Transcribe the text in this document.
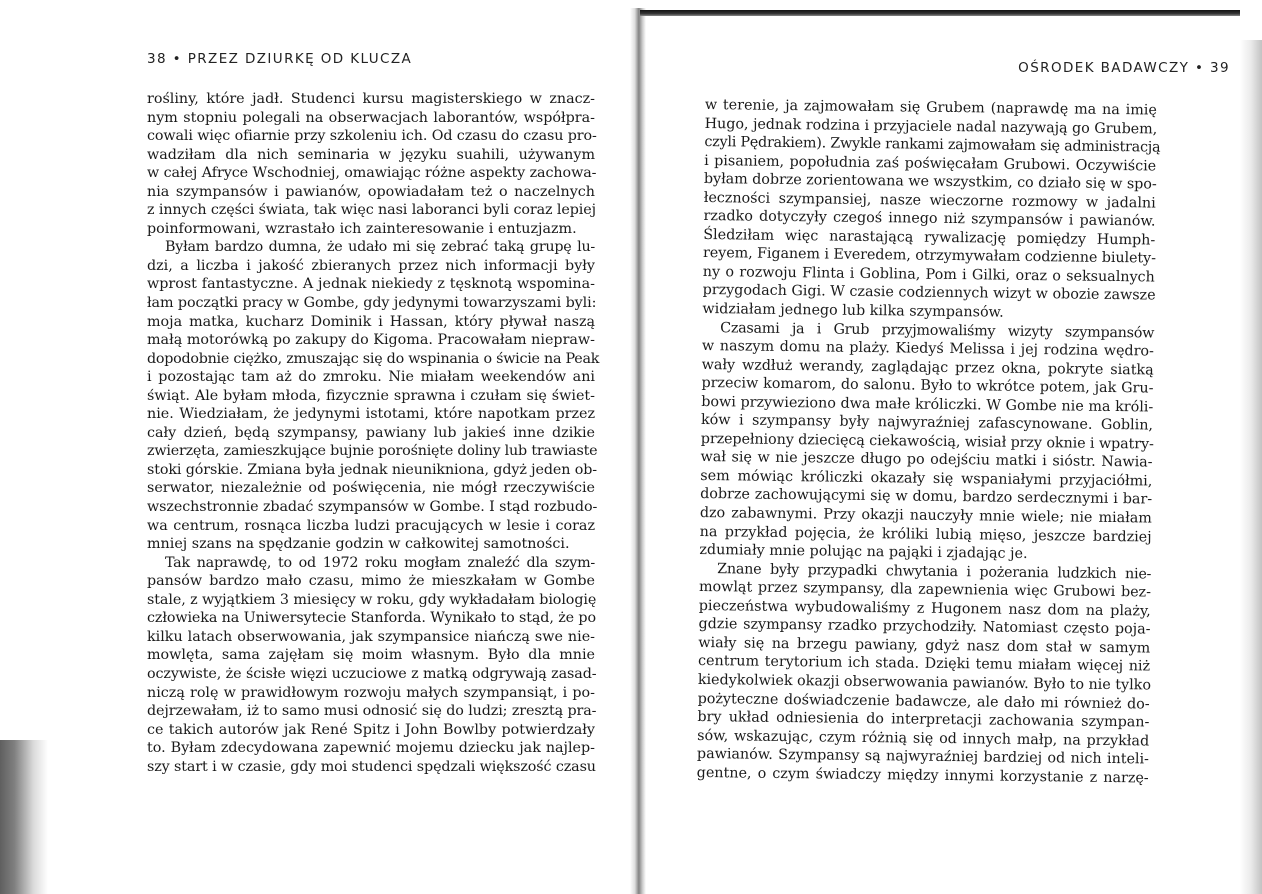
38 • PRZEZ DZIURKĘ OD KLUCZA
rośliny, które jadł. Studenci kursu magisterskiego w znacz-
nym stopniu polegali na obserwacjach laborantów, współpra-
cowali więc ofiarnie przy szkoleniu ich. Od czasu do czasu pro-
wadziłam dla nich seminaria w języku suahili, używanym
w całej Afryce Wschodniej, omawiając różne aspekty zachowa-
nia szympansów i pawianów, opowiadałam też o naczelnych
z innych części świata, tak więc nasi laboranci byli coraz lepiej
poinformowani, wzrastało ich zainteresowanie i entuzjazm.
Byłam bardzo dumna, że udało mi się zebrać taką grupę lu-
dzi, a liczba i jakość zbieranych przez nich informacji były
wprost fantastyczne. A jednak niekiedy z tęsknotą wspomina-
łam początki pracy w Gombe, gdy jedynymi towarzyszami byli:
moja matka, kucharz Dominik i Hassan, który pływał naszą
małą motorówką po zakupy do Kigoma. Pracowałam niepraw-
dopodobnie ciężko, zmuszając się do wspinania o świcie na Peak
i pozostając tam aż do zmroku. Nie miałam weekendów ani
świąt. Ale byłam młoda, fizycznie sprawna i czułam się świet-
nie. Wiedziałam, że jedynymi istotami, które napotkam przez
cały dzień, będą szympansy, pawiany lub jakieś inne dzikie
zwierzęta, zamieszkujące bujnie porośnięte doliny lub trawiaste
stoki górskie. Zmiana była jednak nieunikniona, gdyż jeden ob-
serwator, niezależnie od poświęcenia, nie mógł rzeczywiście
wszechstronnie zbadać szympansów w Gombe. I stąd rozbudo-
wa centrum, rosnąca liczba ludzi pracujących w lesie i coraz
mniej szans na spędzanie godzin w całkowitej samotności.
Tak naprawdę, to od 1972 roku mogłam znaleźć dla szym-
pansów bardzo mało czasu, mimo że mieszkałam w Gombe
stale, z wyjątkiem 3 miesięcy w roku, gdy wykładałam biologię
człowieka na Uniwersytecie Stanforda. Wynikało to stąd, że po
kilku latach obserwowania, jak szympansice niańczą swe nie-
mowlęta, sama zajęłam się moim własnym. Było dla mnie
oczywiste, że ścisłe więzi uczuciowe z matką odgrywają zasad-
niczą rolę w prawidłowym rozwoju małych szympansiąt, i po-
dejrzewałam, iż to samo musi odnosić się do ludzi; zresztą pra-
ce takich autorów jak René Spitz i John Bowlby potwierdzały
to. Byłam zdecydowana zapewnić mojemu dziecku jak najlep-
szy start i w czasie, gdy moi studenci spędzali większość czasu
OŚRODEK BADAWCZY • 39
w terenie, ja zajmowałam się Grubem (naprawdę ma na imię
Hugo, jednak rodzina i przyjaciele nadal nazywają go Grubem,
czyli Pędrakiem). Zwykle rankami zajmowałam się administracją
i pisaniem, popołudnia zaś poświęcałam Grubowi. Oczywiście
byłam dobrze zorientowana we wszystkim, co działo się w spo-
łeczności szympansiej, nasze wieczorne rozmowy w jadalni
rzadko dotyczyły czegoś innego niż szympansów i pawianów.
Śledziłam więc narastającą rywalizację pomiędzy Humph-
reyem, Figanem i Everedem, otrzymywałam codzienne biulety-
ny o rozwoju Flinta i Goblina, Pom i Gilki, oraz o seksualnych
przygodach Gigi. W czasie codziennych wizyt w obozie zawsze
widziałam jednego lub kilka szympansów.
Czasami ja i Grub przyjmowaliśmy wizyty szympansów
w naszym domu na plaży. Kiedyś Melissa i jej rodzina wędro-
wały wzdłuż werandy, zaglądając przez okna, pokryte siatką
przeciw komarom, do salonu. Było to wkrótce potem, jak Gru-
bowi przywieziono dwa małe króliczki. W Gombe nie ma króli-
ków i szympansy były najwyraźniej zafascynowane. Goblin,
przepełniony dziecięcą ciekawością, wisiał przy oknie i wpatry-
wał się w nie jeszcze długo po odejściu matki i sióstr. Nawia-
sem mówiąc króliczki okazały się wspaniałymi przyjaciółmi,
dobrze zachowującymi się w domu, bardzo serdecznymi i bar-
dzo zabawnymi. Przy okazji nauczyły mnie wiele; nie miałam
na przykład pojęcia, że króliki lubią mięso, jeszcze bardziej
zdumiały mnie polując na pająki i zjadając je.
Znane były przypadki chwytania i pożerania ludzkich nie-
mowląt przez szympansy, dla zapewnienia więc Grubowi bez-
pieczeństwa wybudowaliśmy z Hugonem nasz dom na plaży,
gdzie szympansy rzadko przychodziły. Natomiast często poja-
wiały się na brzegu pawiany, gdyż nasz dom stał w samym
centrum terytorium ich stada. Dzięki temu miałam więcej niż
kiedykolwiek okazji obserwowania pawianów. Było to nie tylko
pożyteczne doświadczenie badawcze, ale dało mi również do-
bry układ odniesienia do interpretacji zachowania szympan-
sów, wskazując, czym różnią się od innych małp, na przykład
pawianów. Szympansy są najwyraźniej bardziej od nich inteli-
gentne, o czym świadczy między innymi korzystanie z narzę-
